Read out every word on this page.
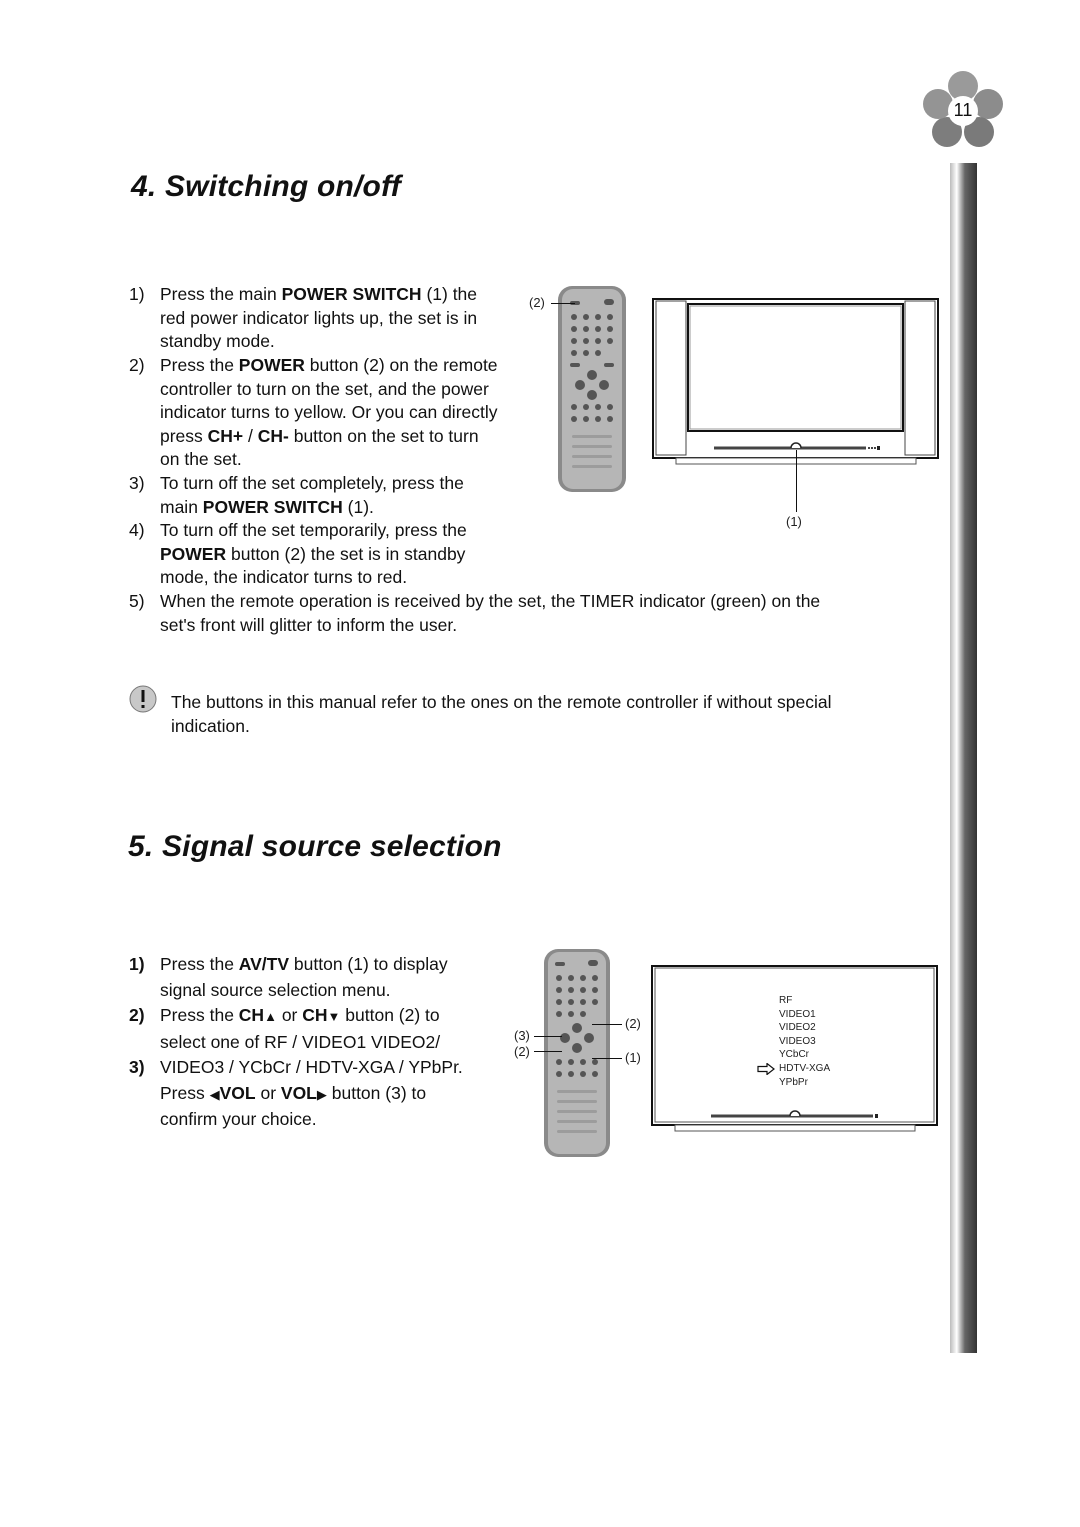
11
4. Switching on/off
1) Press the main POWER SWITCH (1) the
red power indicator lights up, the set is in
standby mode.
2) Press the POWER button (2) on the remote
controller to turn on the set, and the power
indicator turns to yellow. Or you can directly
press CH+ / CH- button on the set to turn
on the set.
3) To turn off the set completely, press the
main POWER SWITCH (1).
4) To turn off the set temporarily, press the
POWER button (2) the set is in standby
mode, the indicator turns to red.
5) When the remote operation is received by the set, the TIMER indicator (green) on the
set's front will glitter to inform the user.
(2)
(1)
The buttons in this manual refer to the ones on the remote controller if without special
indication.
5. Signal source selection
1) Press the AV/TV button (1) to display
signal source selection menu.
2) Press the CH▲ or CH▼ button (2) to
select one of RF / VIDEO1 VIDEO2/
3) VIDEO3 / YCbCr / HDTV-XGA / YPbPr.
Press ◀VOL or VOL▶ button (3) to
confirm your choice.
(3)
(2)
(2)
(1)
RF
VIDEO1
VIDEO2
VIDEO3
YCbCr
HDTV-XGA
YPbPr
